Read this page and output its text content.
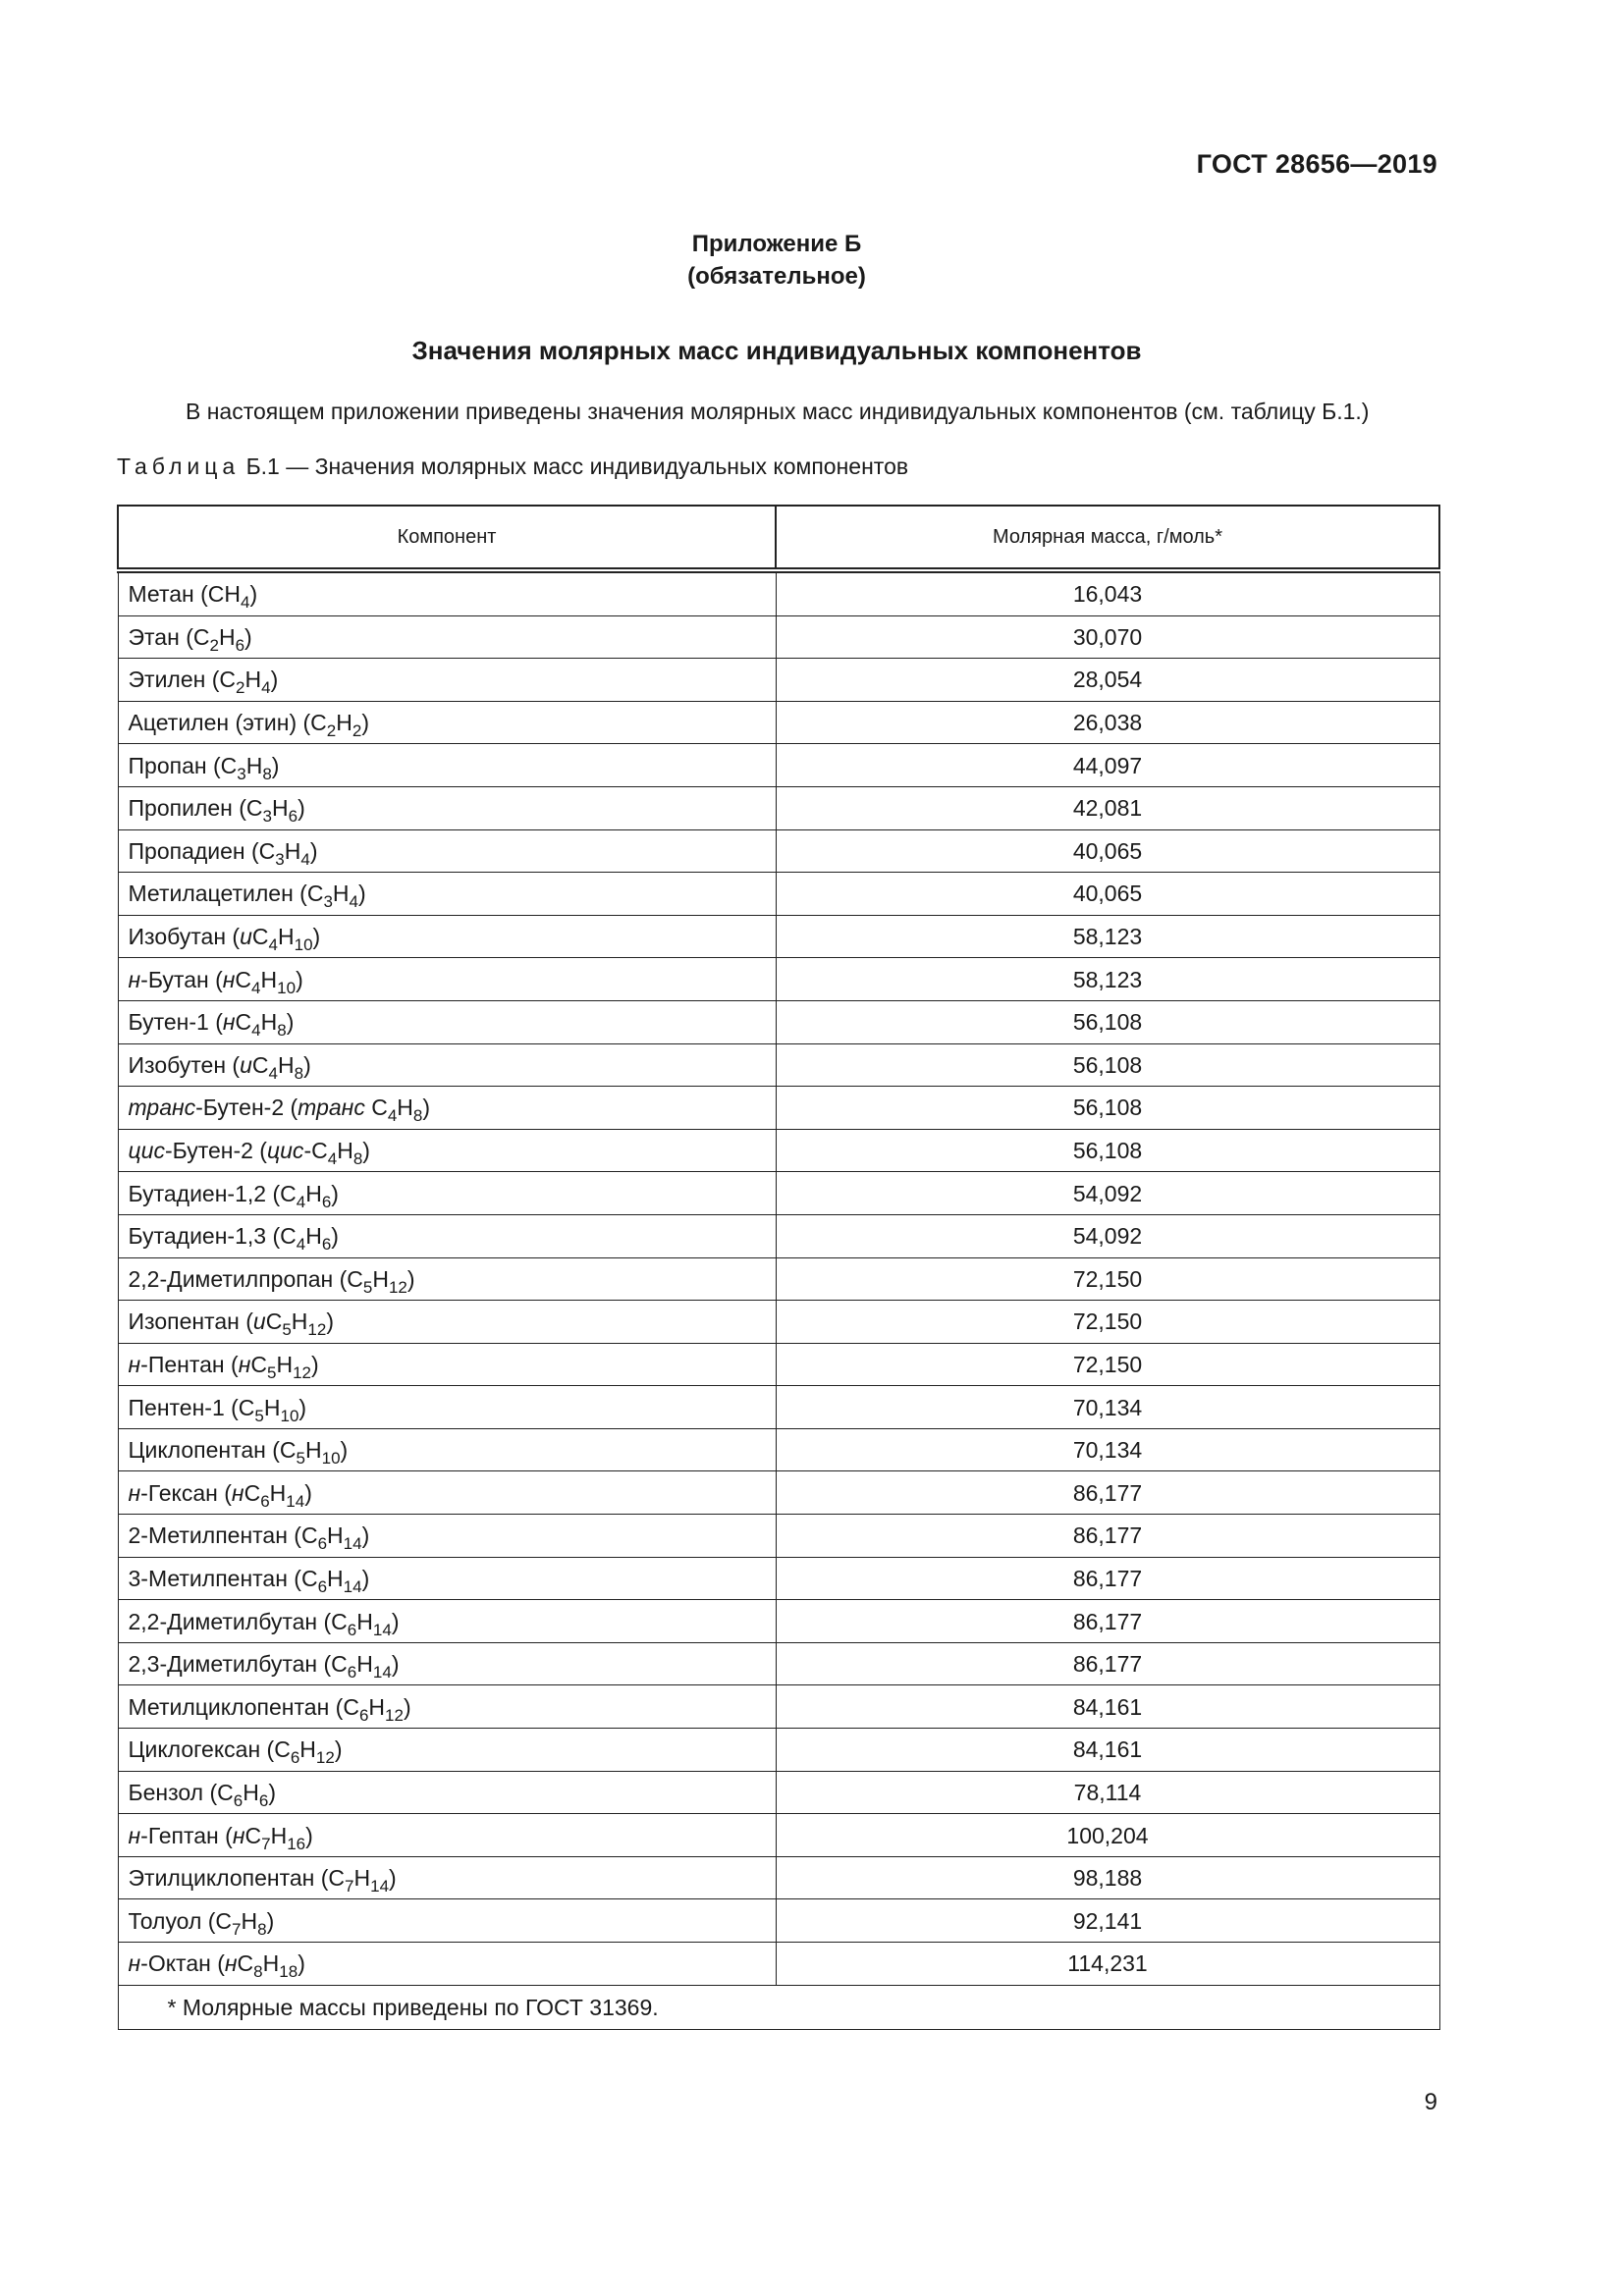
ГОСТ 28656—2019
Приложение Б
(обязательное)
Значения молярных масс индивидуальных компонентов
В настоящем приложении приведены значения молярных масс индивидуальных компонентов (см. таблицу Б.1.)
Таблица Б.1 — Значения молярных масс индивидуальных компонентов
Компонент	Молярная масса, г/моль*
Метан $(CH_4)$	16,043
Этан $(C_2H_6)$	30,070
Этилен $(C_2H_4)$	28,054
Ацетилен (этин) $(C_2H_2)$	26,038
Пропан $(C_3H_8)$	44,097
Пропилен $(C_3H_6)$	42,081
Пропадиен $(C_3H_4)$	40,065
Метилацетилен $(C_3H_4)$	40,065
Изобутан $(иC_4H_{10})$	58,123
н-Бутан $(нC_4H_{10})$	58,123
Бутен-1 $(нC_4H_8)$	56,108
Изобутен $(иC_4H_8)$	56,108
транс-Бутен-2 (транс $C_4H_8$)	56,108
цис-Бутен-2 $(цис-C_4H_8)$	56,108
Бутадиен-1,2 $(C_4H_6)$	54,092
Бутадиен-1,3 $(C_4H_6)$	54,092
2,2-Диметилпропан $(C_5H_{12})$	72,150
Изопентан $(иC_5H_{12})$	72,150
н-Пентан $(нC_5H_{12})$	72,150
Пентен-1 $(C_5H_{10})$	70,134
Циклопентан $(C_5H_{10})$	70,134
н-Гексан $(нC_6H_{14})$	86,177
2-Метилпентан $(C_6H_{14})$	86,177
3-Метилпентан $(C_6H_{14})$	86,177
2,2-Диметилбутан $(C_6H_{14})$	86,177
2,3-Диметилбутан $(C_6H_{14})$	86,177
Метилциклопентан $(C_6H_{12})$	84,161
Циклогексан $(C_6H_{12})$	84,161
Бензол $(C_6H_6)$	78,114
н-Гептан $(нC_7H_{16})$	100,204
Этилциклопентан $(C_7H_{14})$	98,188
Толуол $(C_7H_8)$	92,141
н-Октан $(нC_8H_{18})$	114,231
* Молярные массы приведены по ГОСТ 31369.	
9
